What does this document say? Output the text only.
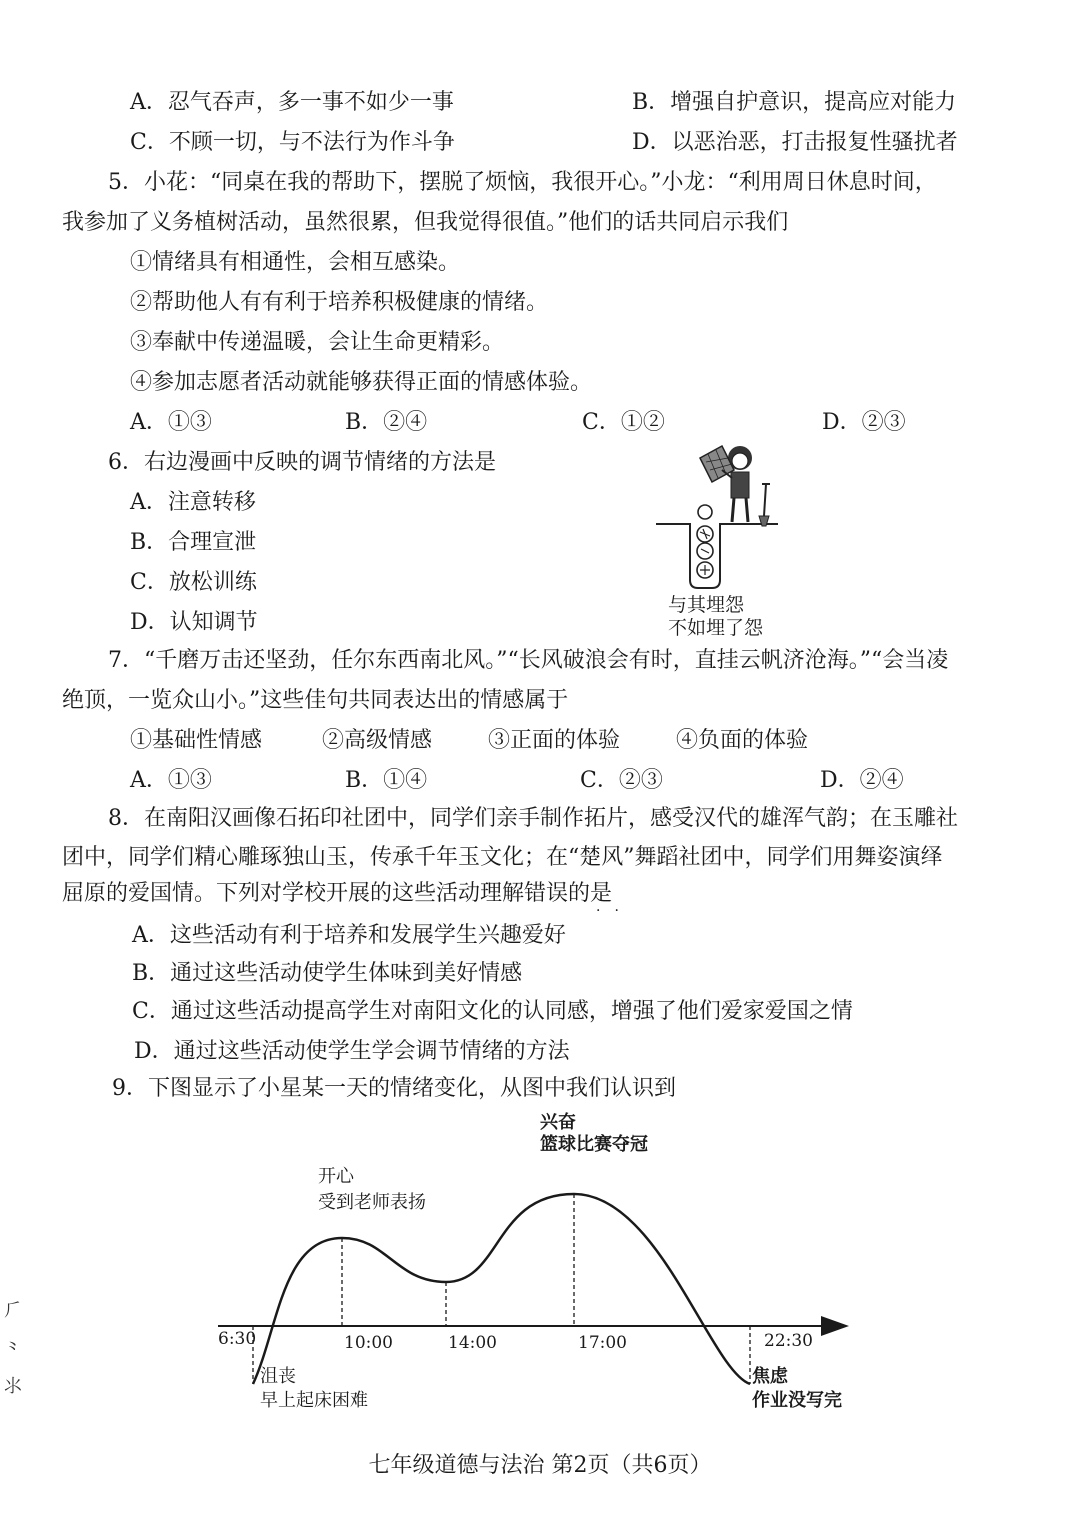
A．忍气吞声，多一事不如少一事	B．增强自护意识，提高应对能力
C．不顾一切，与不法行为作斗争	D．以恶治恶，打击报复性骚扰者
5．小花：“同桌在我的帮助下，摆脱了烦恼，我很开心。”小龙：“利用周日休息时间，
我参加了义务植树活动，虽然很累，但我觉得很值。”他们的话共同启示我们
①情绪具有相通性，会相互感染。
②帮助他人有有利于培养积极健康的情绪。
③奉献中传递温暖，会让生命更精彩。
④参加志愿者活动就能够获得正面的情感体验。
A．①③	B．②④	C．①②	D．②③
6．右边漫画中反映的调节情绪的方法是
A．注意转移
B．合理宣泄
C．放松训练
D．认知调节
与其埋怨
不如埋了怨
7．“千磨万击还坚劲，任尔东西南北风。”“长风破浪会有时，直挂云帆济沧海。”“会当凌
绝顶，一览众山小。”这些佳句共同表达出的情感属于
①基础性情感	②高级情感	③正面的体验	④负面的体验
A．①③	B．①④	C．②③	D．②④
8．在南阳汉画像石拓印社团中，同学们亲手制作拓片，感受汉代的雄浑气韵；在玉雕社
团中，同学们精心雕琢独山玉，传承千年玉文化；在“楚风”舞蹈社团中，同学们用舞姿演绎
屈原的爱国情。下列对学校开展的这些活动理解错误的是
··
A．这些活动有利于培养和发展学生兴趣爱好
B．通过这些活动使学生体味到美好情感
C．通过这些活动提高学生对南阳文化的认同感，增强了他们爱家爱国之情
D．通过这些活动使学生学会调节情绪的方法
9．下图显示了小星某一天的情绪变化，从图中我们认识到
6:30	10:00	14:00	17:00	22:30
沮丧
早上起床困难
开心
受到老师表扬
兴奋
篮球比赛夺冠
焦虑
作业没写完
⺁
⺀
⺢
七年级道德与法治 第2页（共6页）
